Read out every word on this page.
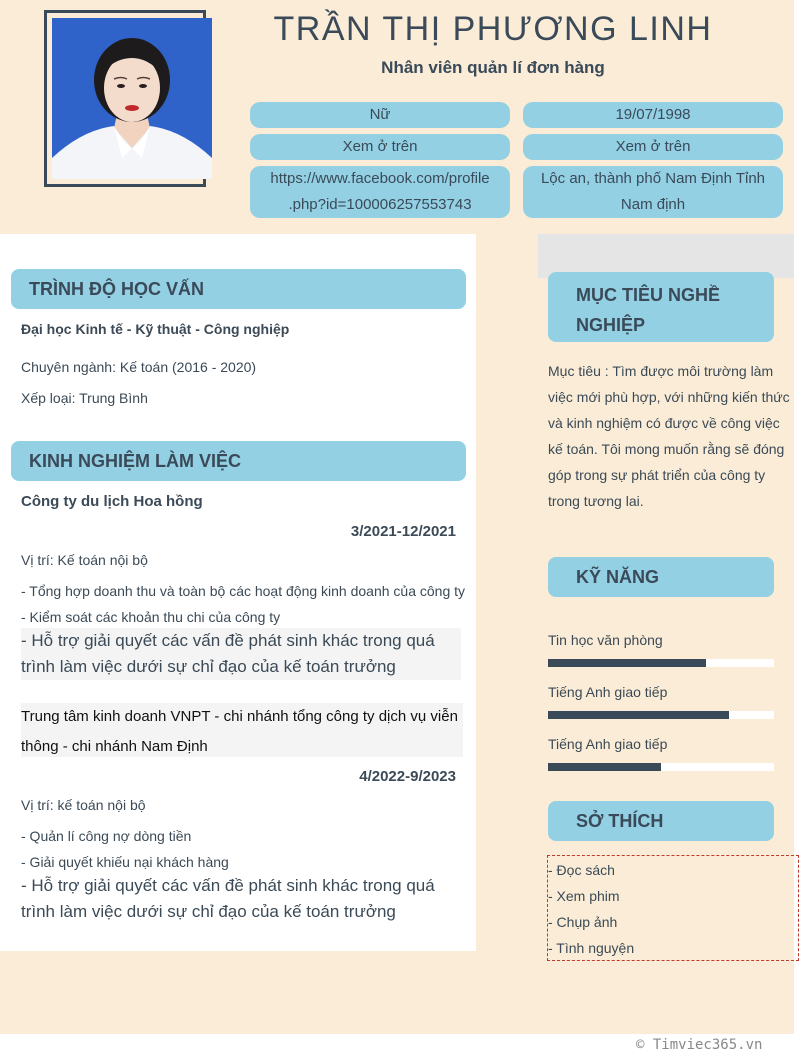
TRẦN THỊ PHƯƠNG LINH
Nhân viên quản lí đơn hàng
Nữ	19/07/1998
Xem ở trên	Xem ở trên
https://www.facebook.com/profile
.php?id=100006257553743
Lộc an, thành phố Nam Định Tỉnh
Nam định
TRÌNH ĐỘ HỌC VẤN
Đại học Kinh tế - Kỹ thuật - Công nghiệp
Chuyên ngành: Kế toán (2016 - 2020)
Xếp loại: Trung Bình
KINH NGHIỆM LÀM VIỆC
Công ty du lịch Hoa hồng
3/2021-12/2021
Vị trí: Kế toán nội bộ
- Tổng hợp doanh thu và toàn bộ các hoạt động kinh doanh của công ty
- Kiểm soát các khoản thu chi của công ty
- Hỗ trợ giải quyết các vấn đề phát sinh khác trong quá trình làm việc dưới sự chỉ đạo của kế toán trưởng
Trung tâm kinh doanh VNPT - chi nhánh tổng công ty dịch vụ viễn
thông - chi nhánh Nam Định
4/2022-9/2023
Vị trí: kế toán nội bộ
- Quản lí công nợ dòng tiền
- Giải quyết khiếu nại khách hàng
- Hỗ trợ giải quyết các vấn đề phát sinh khác trong quá trình làm việc dưới sự chỉ đạo của kế toán trưởng
MỤC TIÊU NGHỀ
NGHIỆP
Mục tiêu : Tìm được môi trường làm việc mới phù hợp, với những kiến thức và kinh nghiệm có được về công việc kế toán. Tôi mong muốn rằng sẽ đóng góp trong sự phát triển của công ty trong tương lai.
KỸ NĂNG
Tin học văn phòng
Tiếng Anh giao tiếp
Tiếng Anh giao tiếp
SỞ THÍCH
- Đọc sách
- Xem phim
- Chụp ảnh
- Tình nguyện
© Timviec365.vn
